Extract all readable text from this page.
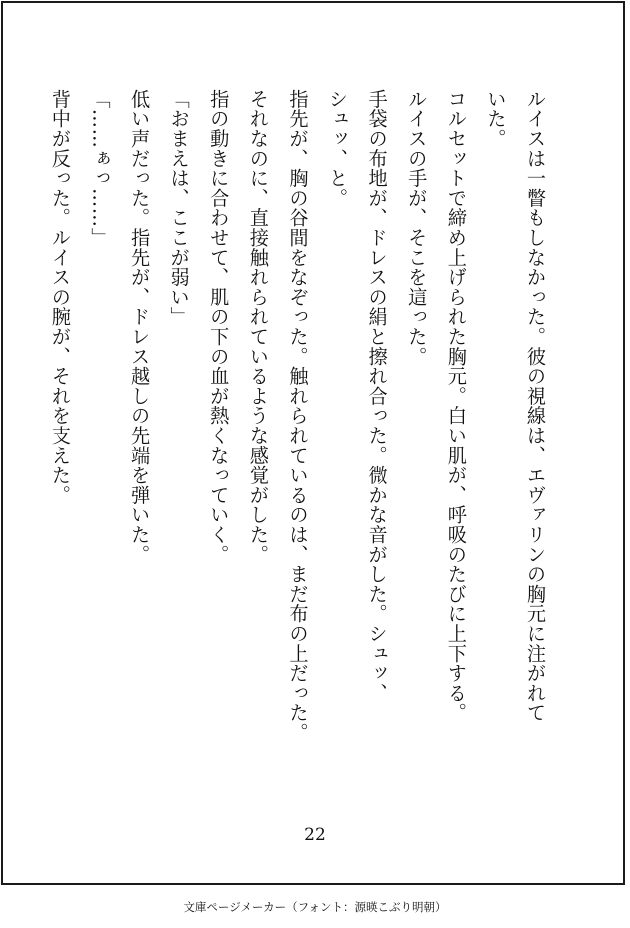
ルイスは一瞥もしなかった。彼の視線は、エヴァリンの胸元に注がれて
いた。
コルセットで締め上げられた胸元。白い肌が、呼吸のたびに上下する。
ルイスの手が、そこを這った。
手袋の布地が、ドレスの絹と擦れ合った。微かな音がした。シュッ、
シュッ、と。
指先が、胸の谷間をなぞった。触れられているのは、まだ布の上だった。
それなのに、直接触れられているような感覚がした。
指の動きに合わせて、肌の下の血が熱くなっていく。
「おまえは、ここが弱い」
低い声だった。指先が、ドレス越しの先端を弾いた。
「……ぁっ……」
背中が反った。ルイスの腕が、それを支えた。
22
文庫ページメーカー（フォント：源暎こぶり明朝）
